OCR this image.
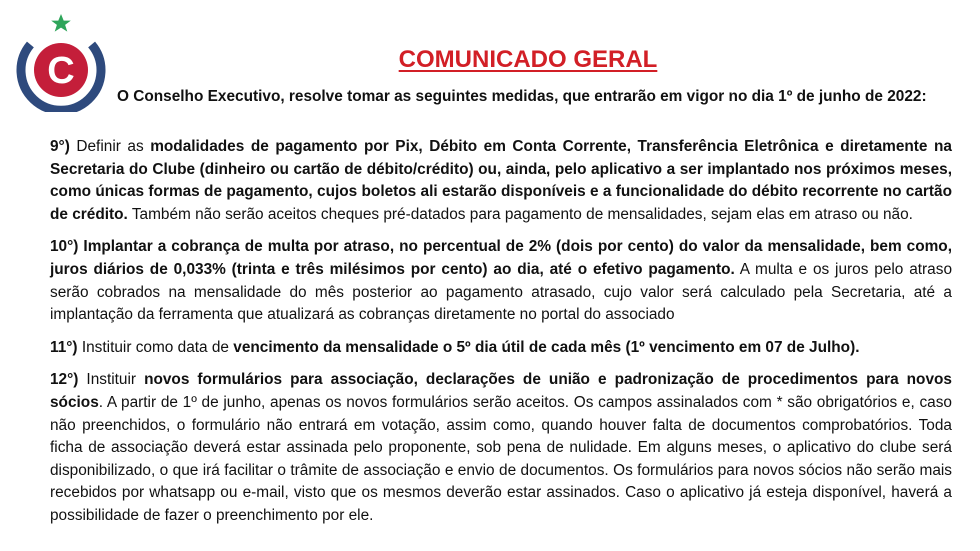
C	COMUNICADO GERAL
O Conselho Executivo, resolve tomar as seguintes medidas, que entrarão em vigor no dia 1º de junho de 2022:

9°) Definir as modalidades de pagamento por Pix, Débito em Conta Corrente, Transferência Eletrônica e diretamente na Secretaria do Clube (dinheiro ou cartão de débito/crédito) ou, ainda, pelo aplicativo a ser implantado nos próximos meses, como únicas formas de pagamento, cujos boletos ali estarão disponíveis e a funcionalidade do débito recorrente no cartão de crédito. Também não serão aceitos cheques pré-datados para pagamento de mensalidades, sejam elas em atraso ou não.

10°) Implantar a cobrança de multa por atraso, no percentual de 2% (dois por cento) do valor da mensalidade, bem como, juros diários de 0,033% (trinta e três milésimos por cento) ao dia, até o efetivo pagamento. A multa e os juros pelo atraso serão cobrados na mensalidade do mês posterior ao pagamento atrasado, cujo valor será calculado pela Secretaria, até a implantação da ferramenta que atualizará as cobranças diretamente no portal do associado

11°) Instituir como data de vencimento da mensalidade o 5º dia útil de cada mês (1º vencimento em 07 de Julho).

12°) Instituir novos formulários para associação, declarações de união e padronização de procedimentos para novos sócios. A partir de 1º de junho, apenas os novos formulários serão aceitos. Os campos assinalados com * são obrigatórios e, caso não preenchidos, o formulário não entrará em votação, assim como, quando houver falta de documentos comprobatórios. Toda ficha de associação deverá estar assinada pelo proponente, sob pena de nulidade. Em alguns meses, o aplicativo do clube será disponibilizado, o que irá facilitar o trâmite de associação e envio de documentos. Os formulários para novos sócios não serão mais recebidos por whatsapp ou e-mail, visto que os mesmos deverão estar assinados. Caso o aplicativo já esteja disponível, haverá a possibilidade de fazer o preenchimento por ele.
